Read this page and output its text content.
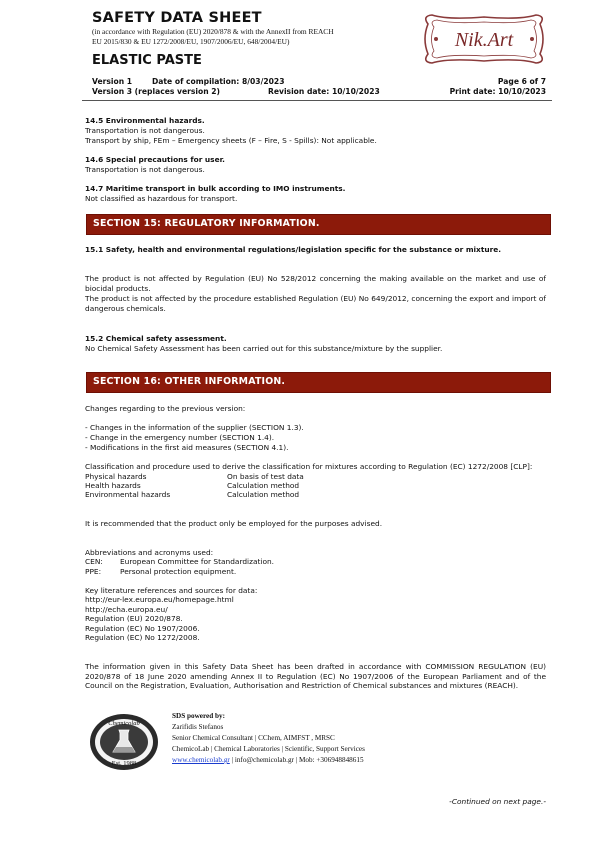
SAFETY DATA SHEET
(in accordance with Regulation (EU) 2020/878 & with the AnnexII from REACH
EU 2015/830 & EU 1272/2008/EU, 1907/2006/EU, 648/2004/EU)
ELASTIC PASTE
Nik.Art
Version 1	Date of compilation: 8/03/2023	Page 6 of 7
Version 3 (replaces version 2)	Revision date: 10/10/2023	Print date: 10/10/2023
14.5 Environmental hazards.
Transportation is not dangerous.
Transport by ship, FEm – Emergency sheets (F – Fire, S - Spills): Not applicable.
14.6 Special precautions for user.
Transportation is not dangerous.
14.7 Maritime transport in bulk according to IMO instruments.
Not classified as hazardous for transport.
SECTION 15: REGULATORY INFORMATION.
15.1 Safety, health and environmental regulations/legislation specific for the substance or mixture.
The product is not affected by Regulation (EU) No 528/2012 concerning the making available on the market and use of biocidal products.
The product is not affected by the procedure established Regulation (EU) No 649/2012, concerning the export and import of dangerous chemicals.
15.2 Chemical safety assessment.
No Chemical Safety Assessment has been carried out for this substance/mixture by the supplier.
SECTION 16: OTHER INFORMATION.
Changes regarding to the previous version:
- Changes in the information of the supplier (SECTION 1.3).
- Change in the emergency number (SECTION 1.4).
- Modifications in the first aid measures (SECTION 4.1).
Classification and procedure used to derive the classification for mixtures according to Regulation (EC) 1272/2008 [CLP]:
Physical hazards	On basis of test data
Health hazards	Calculation method
Environmental hazards	Calculation method
It is recommended that the product only be employed for the purposes advised.
Abbreviations and acronyms used:
CEN: European Committee for Standardization.
PPE:	Personal protection equipment.
Key literature references and sources for data:
http://eur-lex.europa.eu/homepage.html
http://echa.europa.eu/
Regulation (EU) 2020/878.
Regulation (EC) No 1907/2006.
Regulation (EC) No 1272/2008.
The information given in this Safety Data Sheet has been drafted in accordance with COMMISSION REGULATION (EU) 2020/878 of 18 June 2020 amending Annex II to Regulation (EC) No 1907/2006 of the European Parliament and of the Council on the Registration, Evaluation, Authorisation and Restriction of Chemical substances and mixtures (REACH).
Chemicolab
Est. 1988
SDS powered by:
Zarifidis Stefanos
Senior Chemical Consultant | CChem, AIMFST , MRSC
ChemicoLab | Chemical Laboratories | Scientific, Support Services
www.chemicolab.gr | info@chemicolab.gr | Mob: +306948848615
-Continued on next page.-
